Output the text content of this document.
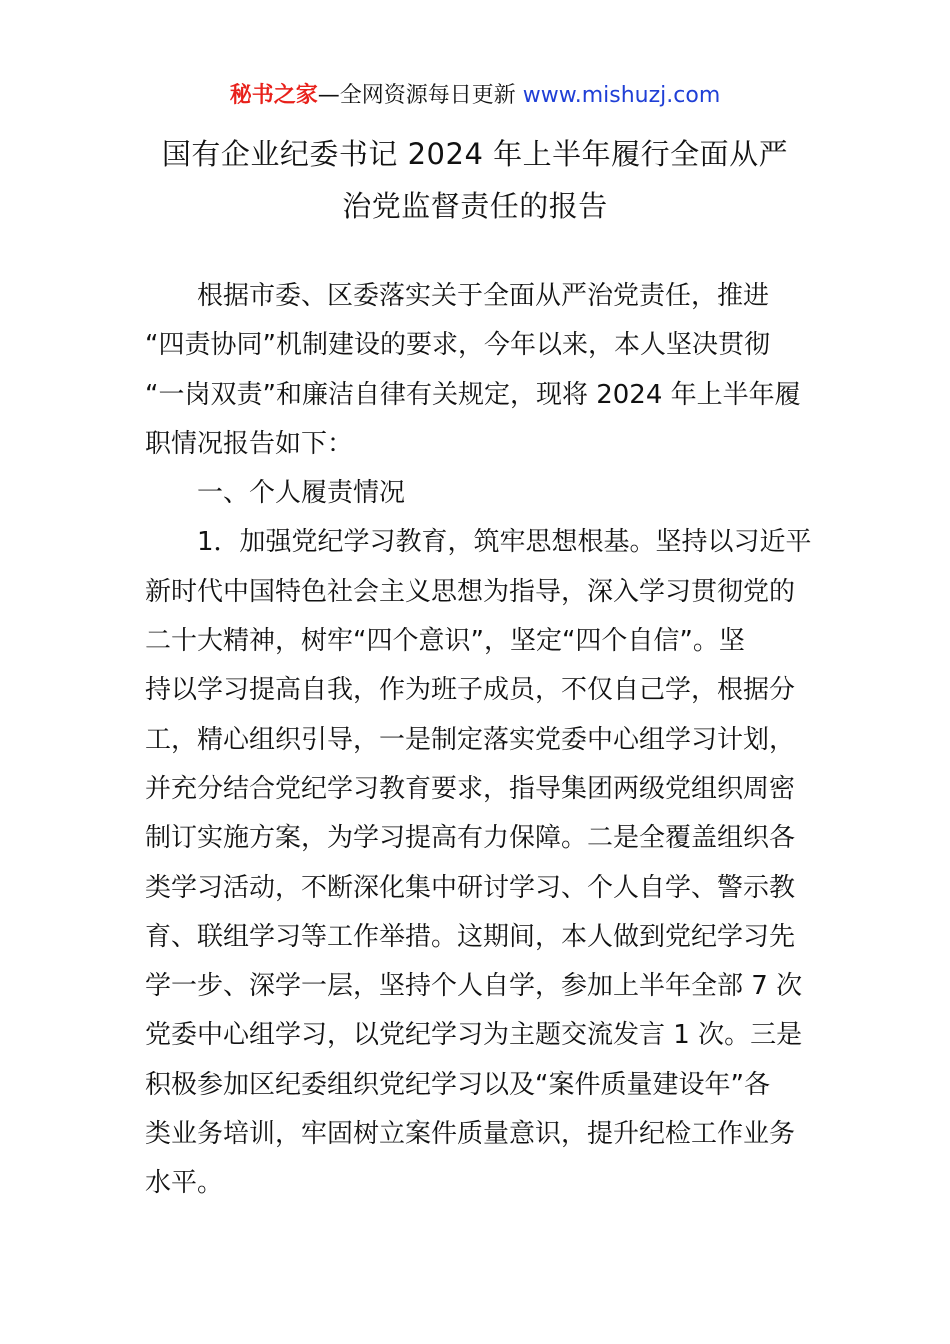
秘书之家—全网资源每日更新 www.mishuzj.com
国有企业纪委书记 2024 年上半年履行全面从严
治党监督责任的报告
根据市委、区委落实关于全面从严治党责任，推进
“四责协同”机制建设的要求，今年以来，本人坚决贯彻
“一岗双责”和廉洁自律有关规定，现将 2024 年上半年履
职情况报告如下：
一、个人履责情况
1．加强党纪学习教育，筑牢思想根基。坚持以习近平
新时代中国特色社会主义思想为指导，深入学习贯彻党的
二十大精神，树牢“四个意识”，坚定“四个自信”。坚
持以学习提高自我，作为班子成员，不仅自己学，根据分
工，精心组织引导，一是制定落实党委中心组学习计划，
并充分结合党纪学习教育要求，指导集团两级党组织周密
制订实施方案，为学习提高有力保障。二是全覆盖组织各
类学习活动，不断深化集中研讨学习、个人自学、警示教
育、联组学习等工作举措。这期间，本人做到党纪学习先
学一步、深学一层，坚持个人自学，参加上半年全部 7 次
党委中心组学习，以党纪学习为主题交流发言 1 次。三是
积极参加区纪委组织党纪学习以及“案件质量建设年”各
类业务培训，牢固树立案件质量意识，提升纪检工作业务
水平。
